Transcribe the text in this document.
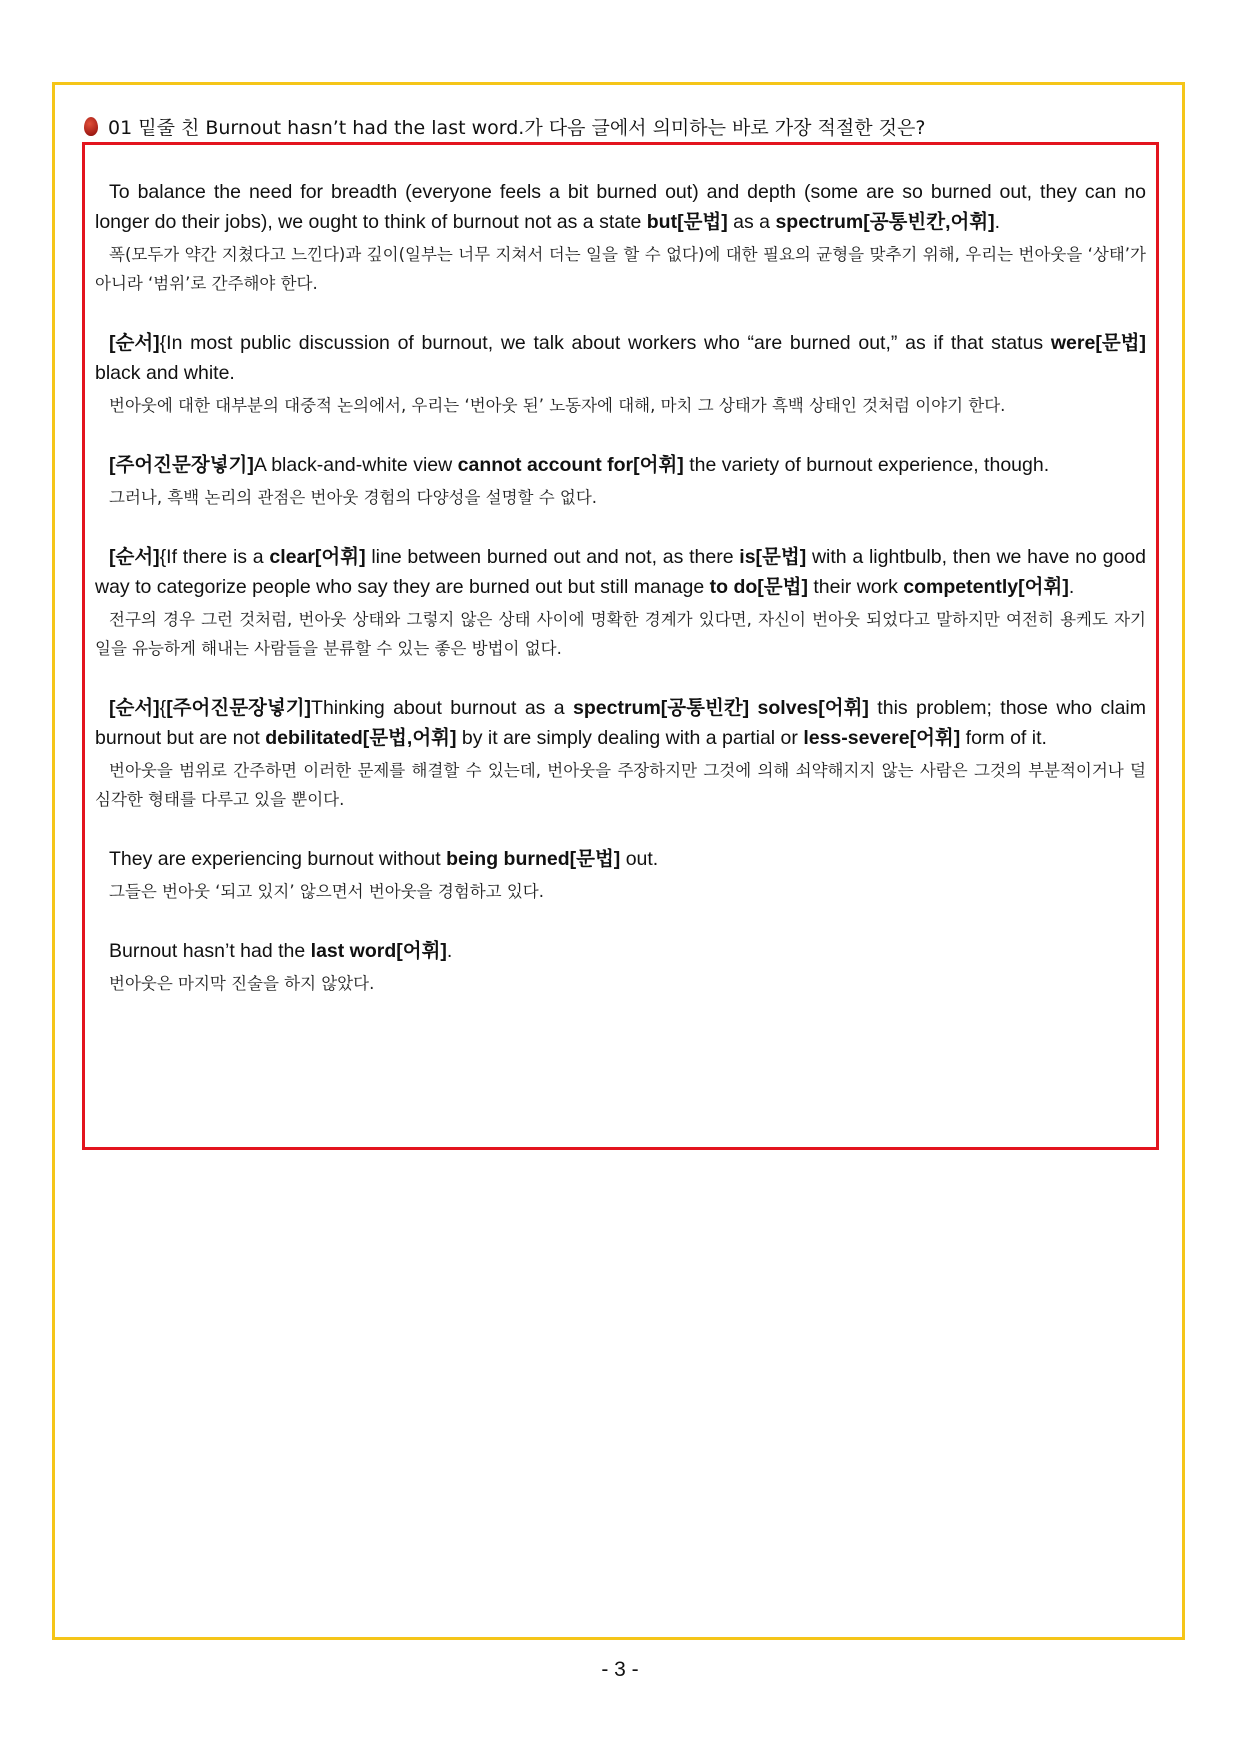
01 밑줄 친 Burnout hasn’t had the last word.가 다음 글에서 의미하는 바로 가장 적절한 것은?

To balance the need for breadth (everyone feels a bit burned out) and depth (some are so burned out, they can no longer do their jobs), we ought to think of burnout not as a state but[문법] as a spectrum[공통빈칸,어휘].

폭(모두가 약간 지쳤다고 느낀다)과 깊이(일부는 너무 지쳐서 더는 일을 할 수 없다)에 대한 필요의 균형을 맞추기 위해, 우리는 번아웃을 ‘상태’가 아니라 ‘범위’로 간주해야 한다.

[순서]{In most public discussion of burnout, we talk about workers who “are burned out,” as if that status were[문법] black and white.

번아웃에 대한 대부분의 대중적 논의에서, 우리는 ‘번아웃 된’ 노동자에 대해, 마치 그 상태가 흑백 상태인 것처럼 이야기 한다.

[주어진문장넣기]A black-and-white view cannot account for[어휘] the variety of burnout experience, though.

그러나, 흑백 논리의 관점은 번아웃 경험의 다양성을 설명할 수 없다.

[순서]{If there is a clear[어휘] line between burned out and not, as there is[문법] with a lightbulb, then we have no good way to categorize people who say they are burned out but still manage to do[문법] their work competently[어휘].

전구의 경우 그런 것처럼, 번아웃 상태와 그렇지 않은 상태 사이에 명확한 경계가 있다면, 자신이 번아웃 되었다고 말하지만 여전히 용케도 자기 일을 유능하게 해내는 사람들을 분류할 수 있는 좋은 방법이 없다.

[순서]{[주어진문장넣기]Thinking about burnout as a spectrum[공통빈칸] solves[어휘] this problem; those who claim burnout but are not debilitated[문법,어휘] by it are simply dealing with a partial or less-severe[어휘] form of it.

번아웃을 범위로 간주하면 이러한 문제를 해결할 수 있는데, 번아웃을 주장하지만 그것에 의해 쇠약해지지 않는 사람은 그것의 부분적이거나 덜 심각한 형태를 다루고 있을 뿐이다.

They are experiencing burnout without being burned[문법] out.

그들은 번아웃 ‘되고 있지’ 않으면서 번아웃을 경험하고 있다.

Burnout hasn’t had the last word[어휘].

번아웃은 마지막 진술을 하지 않았다.

- 3 -
